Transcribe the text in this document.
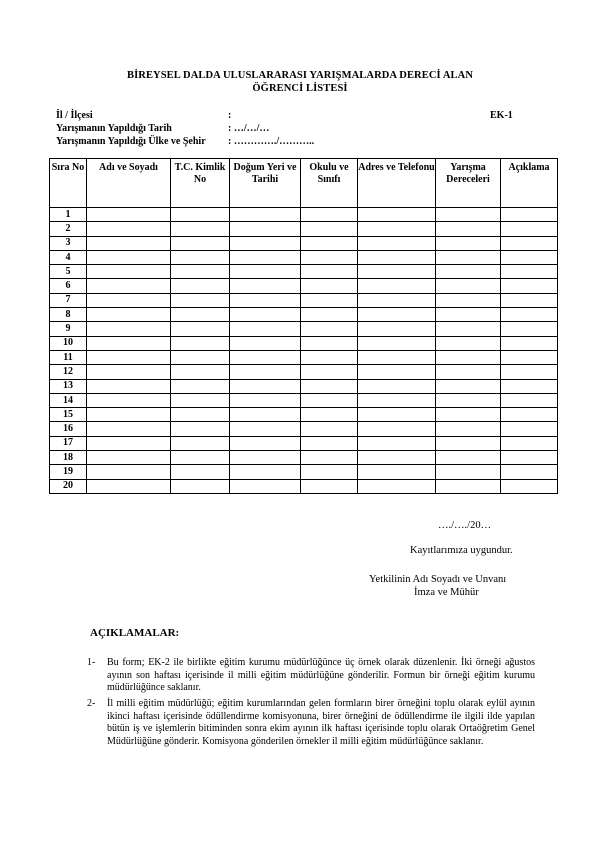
BİREYSEL DALDA ULUSLARARASI YARIŞMALARDA DERECİ ALAN
ÖĞRENCİ LİSTESİ
EK-1
İl / İlçesi	:
Yarışmanın Yapıldığı Tarih	: …/…/…
Yarışmanın Yapıldığı Ülke ve Şehir : …………./………..
Sıra No	Adı ve Soyadı	T.C. Kimlik No	Doğum Yeri ve Tarihi	Okulu ve Sınıfı	Adres ve Telefonu	Yarışma Dereceleri	Açıklama
1							
2							
3							
4							
5							
6							
7							
8							
9							
10							
11							
12							
13							
14							
15							
16							
17							
18							
19							
20							
…./…./20…
Kayıtlarımıza uygundur.
Yetkilinin Adı Soyadı ve Unvanı
İmza ve Mühür
AÇIKLAMALAR:
1- Bu form; EK-2 ile birlikte eğitim kurumu müdürlüğünce üç örnek olarak düzenlenir. İki örneği ağustos ayının son haftası içerisinde il milli eğitim müdürlüğüne gönderilir. Formun bir örneği eğitim kurumu müdürlüğünce saklanır.
2- İl milli eğitim müdürlüğü; eğitim kurumlarından gelen formların birer örneğini toplu olarak eylül ayının ikinci haftası içerisinde ödüllendirme komisyonuna, birer örneğini de ödüllendirme ile ilgili ilde yapılan bütün iş ve işlemlerin bitiminden sonra ekim ayının ilk haftası içerisinde toplu olarak Ortaöğretim Genel Müdürlüğüne gönderir. Komisyona gönderilen örnekler il milli eğitim müdürlüğünce saklanır.
